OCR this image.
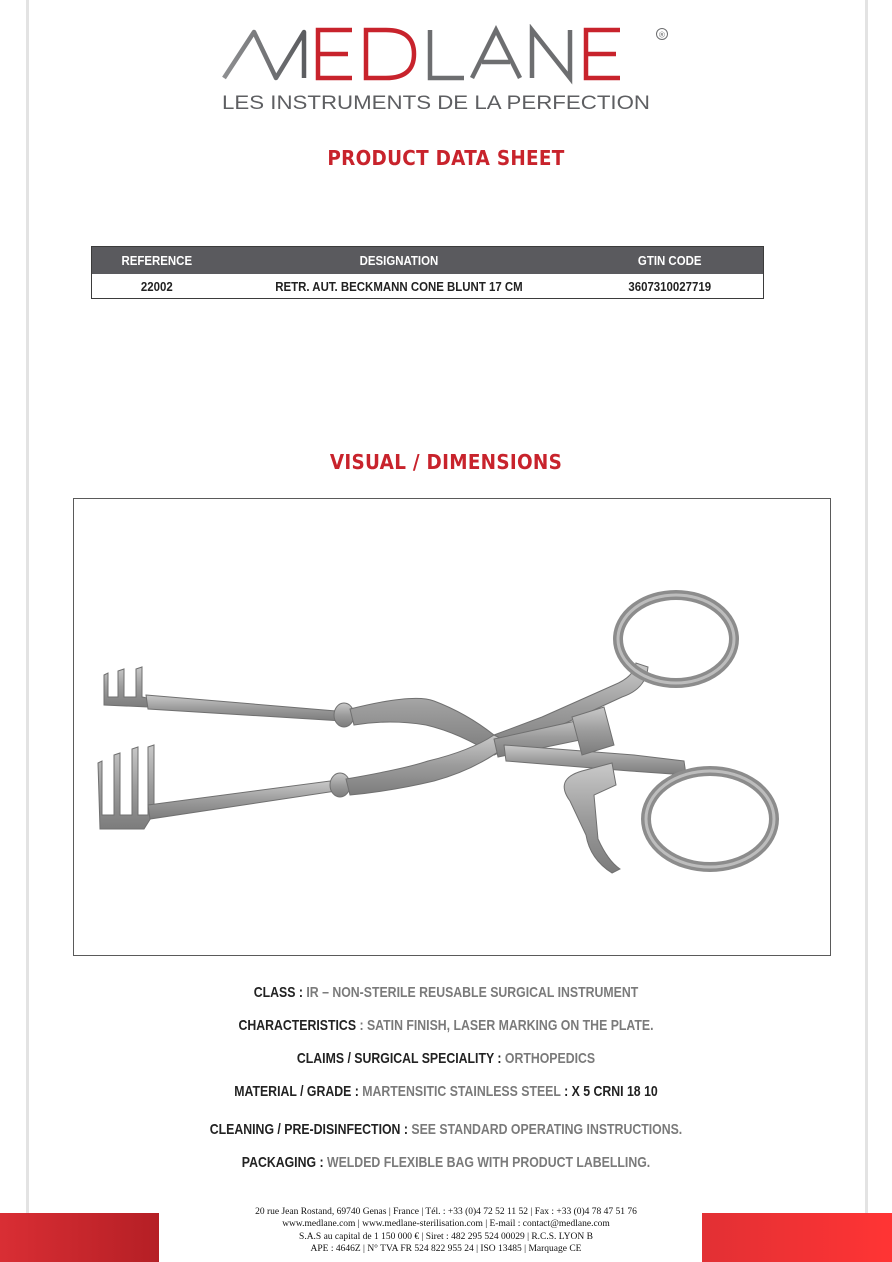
®
LES INSTRUMENTS DE LA PERFECTION
PRODUCT DATA SHEET
REFERENCE	DESIGNATION	GTIN CODE
22002	RETR. AUT. BECKMANN CONE BLUNT 17 CM	3607310027719
VISUAL / DIMENSIONS
CLASS : IR – NON-STERILE REUSABLE SURGICAL INSTRUMENT
CHARACTERISTICS : SATIN FINISH, LASER MARKING ON THE PLATE.
CLAIMS / SURGICAL SPECIALITY : ORTHOPEDICS
MATERIAL / GRADE : MARTENSITIC STAINLESS STEEL : X 5 CRNI 18 10
CLEANING / PRE-DISINFECTION : SEE STANDARD OPERATING INSTRUCTIONS.
PACKAGING : WELDED FLEXIBLE BAG WITH PRODUCT LABELLING.
20 rue Jean Rostand, 69740 Genas | France | Tél. : +33 (0)4 72 52 11 52 | Fax : +33 (0)4 78 47 51 76
www.medlane.com | www.medlane-sterilisation.com | E-mail : contact@medlane.com
S.A.S au capital de 1 150 000 € | Siret : 482 295 524 00029 | R.C.S. LYON B
APE : 4646Z | N° TVA FR 524 822 955 24 | ISO 13485 | Marquage CE
